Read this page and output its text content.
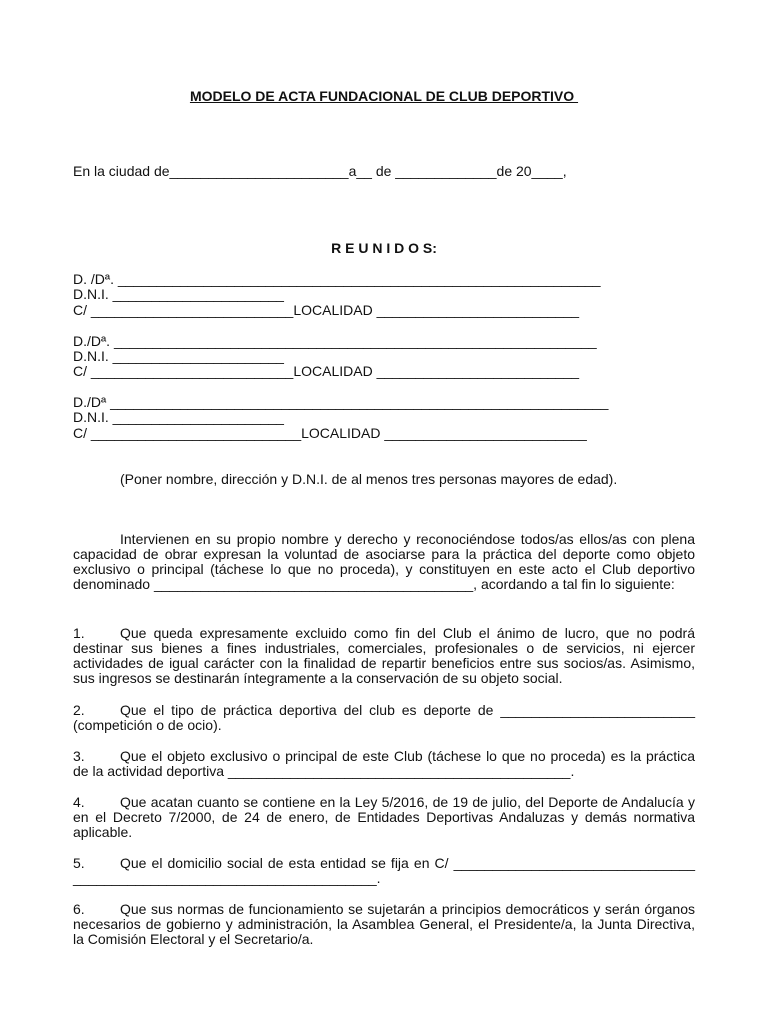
MODELO DE ACTA FUNDACIONAL DE CLUB DEPORTIVO
En la ciudad de_______________________a__ de _____________de 20____,
R E U N I D O S:
D. /Dª. ______________________________________________________________
D.N.I. ______________________
C/ __________________________LOCALIDAD __________________________
D./Dª. ______________________________________________________________
D.N.I. ______________________
C/ __________________________LOCALIDAD __________________________
D./Dª ________________________________________________________________
D.N.I. ______________________
C/ ___________________________LOCALIDAD __________________________
(Poner nombre, dirección y D.N.I. de al menos tres personas mayores de edad).
Intervienen en su propio nombre y derecho y reconociéndose todos/as ellos/as con plena capacidad de obrar expresan la voluntad de asociarse para la práctica del deporte como objeto exclusivo o principal (táchese lo que no proceda), y constituyen en este acto el Club deportivo denominado _________________________________________, acordando a tal fin lo siguiente:
1.	Que queda expresamente excluido como fin del Club el ánimo de lucro, que no podrá destinar sus bienes a fines industriales, comerciales, profesionales o de servicios, ni ejercer actividades de igual carácter con la finalidad de repartir beneficios entre sus socios/as. Asimismo, sus ingresos se destinarán íntegramente a la conservación de su objeto social.
2.	Que el tipo de práctica deportiva del club es deporte de _________________________ (competición o de ocio).
3.	Que el objeto exclusivo o principal de este Club (táchese lo que no proceda) es la práctica de la actividad deportiva ____________________________________________.
4.	Que acatan cuanto se contiene en la Ley 5/2016, de 19 de julio, del Deporte de Andalucía y en el Decreto 7/2000, de 24 de enero, de Entidades Deportivas Andaluzas y demás normativa aplicable.
5.	Que el domicilio social de esta entidad se fija en C/ _______________________________ _______________________________________.
6.	Que sus normas de funcionamiento se sujetarán a principios democráticos y serán órganos necesarios de gobierno y administración, la Asamblea General, el Presidente/a, la Junta Directiva, la Comisión Electoral y el Secretario/a.
